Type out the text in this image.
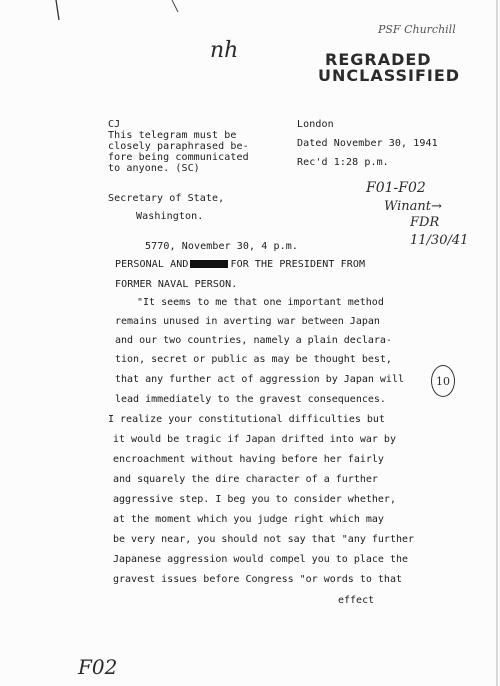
PSF Churchill
nh	REGRADED
UNCLASSIFIED
CJ
This telegram must be
closely paraphrased be-
fore being communicated
to anyone. (SC)
London
Dated November 30, 1941
Rec'd 1:28 p.m.
F01-F02
Winant→
FDR
11/30/41
Secretary of State,
Washington.
5770, November 30, 4 p.m.
PERSONAL AND	FOR THE PRESIDENT FROM
FORMER NAVAL PERSON.
"It seems to me that one important method
remains unused in averting war between Japan
and our two countries, namely a plain declara-
tion, secret or public as may be thought best,
that any further act of aggression by Japan will
lead immediately to the gravest consequences.
I realize your constitutional difficulties but
it would be tragic if Japan drifted into war by
encroachment without having before her fairly
and squarely the dire character of a further
aggressive step. I beg you to consider whether,
at the moment which you judge right which may
be very near, you should not say that "any further
Japanese aggression would compel you to place the
gravest issues before Congress "or words to that
effect
10
F02
